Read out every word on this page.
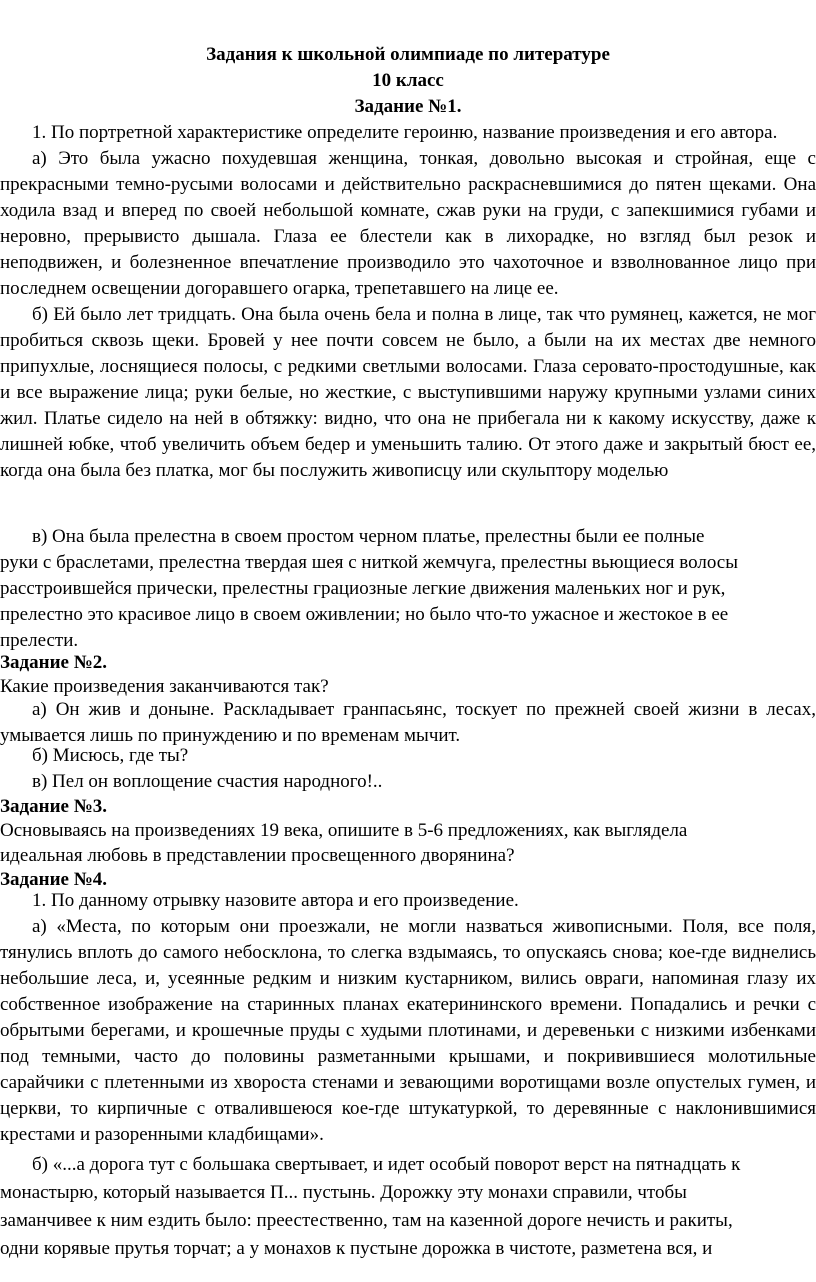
Задания к школьной олимпиаде по литературе
10 класс
Задание №1.

1. По портретной характеристике определите героиню, название произведения и его автора.

а) Это была ужасно похудевшая женщина, тонкая, довольно высокая и стройная, еще с прекрасными темно-русыми волосами и действительно раскрасневшимися до пятен щеками. Она ходила взад и вперед по своей небольшой комнате, сжав руки на груди, с запекшимися губами и неровно, прерывисто дышала. Глаза ее блестели как в лихорадке, но взгляд был резок и неподвижен, и болезненное впечатление производило это чахоточное и взволнованное лицо при последнем освещении догоравшего огарка, трепетавшего на лице ее.

б) Ей было лет тридцать. Она была очень бела и полна в лице, так что румянец, кажется, не мог пробиться сквозь щеки. Бровей у нее почти совсем не было, а были на их местах две немного припухлые, лоснящиеся полосы, с редкими светлыми волосами. Глаза серовато-простодушные, как и все выражение лица; руки белые, но жесткие, с выступившими наружу крупными узлами синих жил. Платье сидело на ней в обтяжку: видно, что она не прибегала ни к какому искусству, даже к лишней юбке, чтоб увеличить объем бедер и уменьшить талию. От этого даже и закрытый бюст ее, когда она была без платка, мог бы послужить живописцу или скульптору моделью

в) Она была прелестна в своем простом черном платье, прелестны были ее полные
руки с браслетами, прелестна твердая шея с ниткой жемчуга, прелестны вьющиеся волосы
расстроившейся прически, прелестны грациозные легкие движения маленьких ног и рук,
прелестно это красивое лицо в своем оживлении; но было что-то ужасное и жестокое в ее
прелести.
Задание №2.
Какие произведения заканчиваются так?

а) Он жив и доныне. Раскладывает гранпасьянс, тоскует по прежней своей жизни в лесах, умывается лишь по принуждению и по временам мычит.

б) Мисюсь, где ты?
в) Пел он воплощение счастия народного!..
Задание №3.
Основываясь на произведениях 19 века, опишите в 5-6 предложениях, как выглядела
идеальная любовь в представлении просвещенного дворянина?
Задание №4.

1. По данному отрывку назовите автора и его произведение.

а) «Места, по которым они проезжали, не могли назваться живописными. Поля, все поля, тянулись вплоть до самого небосклона, то слегка вздымаясь, то опускаясь снова; кое-где виднелись небольшие леса, и, усеянные редким и низким кустарником, вились овраги, напоминая глазу их собственное изображение на старинных планах екатерининского времени. Попадались и речки с обрытыми берегами, и крошечные пруды с худыми плотинами, и деревеньки с низкими избенками под темными, часто до половины разметанными крышами, и покривившиеся молотильные сарайчики с плетенными из хвороста стенами и зевающими воротищами возле опустелых гумен, и церкви, то кирпичные с отвалившеюся кое-где штукатуркой, то деревянные с наклонившимися крестами и разоренными кладбищами».

б) «...а дорога тут с большака свертывает, и идет особый поворот верст на пятнадцать к
монастырю, который называется П... пустынь. Дорожку эту монахи справили, чтобы
заманчивее к ним ездить было: преестественно, там на казенной дороге нечисть и ракиты,
одни корявые прутья торчат; а у монахов к пустыне дорожка в чистоте, разметена вся, и
